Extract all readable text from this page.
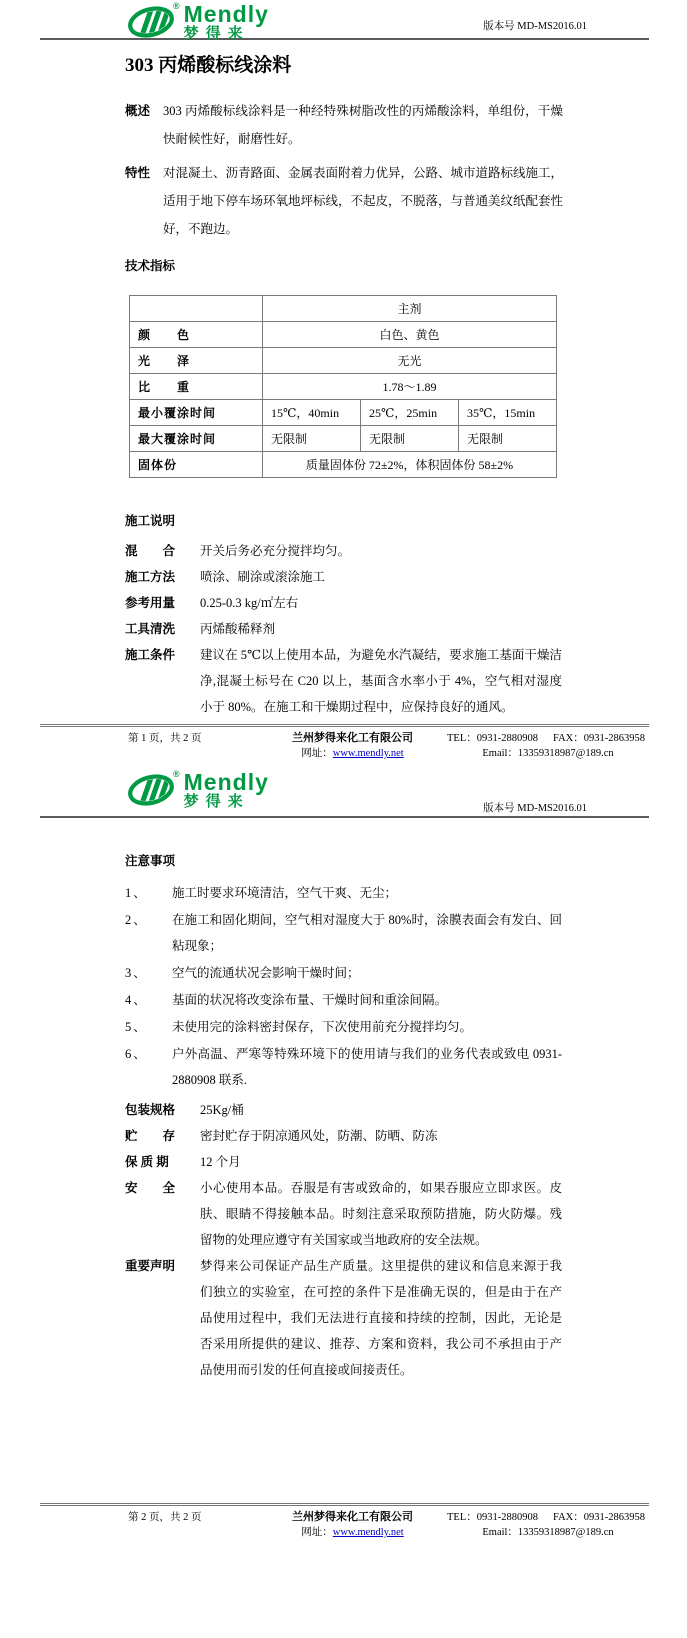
® Mendly
梦得来	版本号 MD-MS2016.01
303 丙烯酸标线涂料
概述	303 丙烯酸标线涂料是一种经特殊树脂改性的丙烯酸涂料，单组份，干燥快耐候性好，耐磨性好。
特性	对混凝土、沥青路面、金属表面附着力优异，公路、城市道路标线施工，适用于地下停车场环氧地坪标线，不起皮，不脱落，与普通美纹纸配套性好，不跑边。
技术指标
	主剂		
颜　　色	白色、黄色		
光　　泽	无光		
比　　重	1.78～1.89		
最小覆涂时间	15℃，40min	25℃，25min	35℃，15min
最大覆涂时间	无限制	无限制	无限制
固体份	质量固体份 72±2%，体积固体份 58±2%		
施工说明
混　　合	开关后务必充分搅拌均匀。
施工方法	喷涂、刷涂或滚涂施工
参考用量	0.25-0.3 kg/㎡左右
工具清洗	丙烯酸稀释剂
施工条件	建议在 5℃以上使用本品，为避免水汽凝结，要求施工基面干燥洁净,混凝土标号在 C20 以上，基面含水率小于 4%，空气相对湿度小于 80%。在施工和干燥期过程中，应保持良好的通风。
第 1 页，共 2 页	兰州梦得来化工有限公司
网址：www.mendly.net
TEL：0931-2880908 FAX：0931-2863958
Email：13359318987@189.cn
® Mendly
梦得来	版本号 MD-MS2016.01
注意事项
1、	施工时要求环境清洁，空气干爽、无尘；
2、	在施工和固化期间，空气相对湿度大于 80%时，涂膜表面会有发白、回粘现象；
3、	空气的流通状况会影响干燥时间；
4、	基面的状况将改变涂布量、干燥时间和重涂间隔。
5、	未使用完的涂料密封保存，下次使用前充分搅拌均匀。
6、	户外高温、严寒等特殊环境下的使用请与我们的业务代表或致电 0931-2880908 联系.
包装规格	25Kg/桶
贮　　存	密封贮存于阴凉通风处，防潮、防晒、防冻
保 质 期	12 个月
安　　全	小心使用本品。吞服是有害或致命的，如果吞服应立即求医。皮肤、眼睛不得接触本品。时刻注意采取预防措施，防火防爆。残留物的处理应遵守有关国家或当地政府的安全法规。
重要声明	梦得来公司保证产品生产质量。这里提供的建议和信息来源于我们独立的实验室，在可控的条件下是准确无误的，但是由于在产品使用过程中，我们无法进行直接和持续的控制，因此，无论是否采用所提供的建议、推荐、方案和资料，我公司不承担由于产品使用而引发的任何直接或间接责任。
第 2 页，共 2 页	兰州梦得来化工有限公司
网址：www.mendly.net
TEL：0931-2880908 FAX：0931-2863958
Email：13359318987@189.cn
